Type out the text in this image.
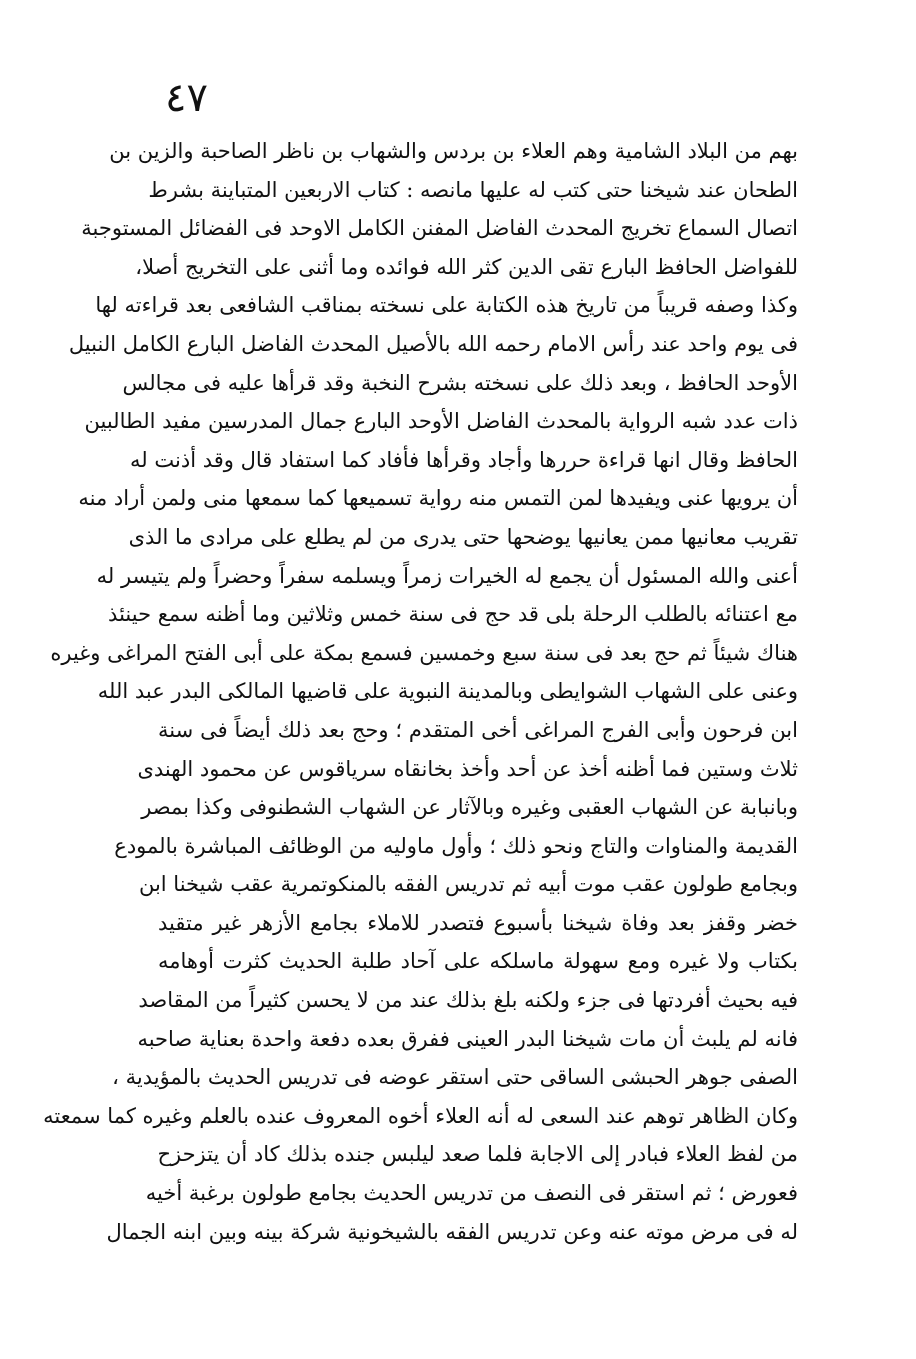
٤٧
بهم من البلاد الشامية وهم العلاء بن بردس والشهاب بن ناظر الصاحبة والزين بن
الطحان عند شيخنا حتى كتب له عليها مانصه : كتاب الاربعين المتباينة بشرط
اتصال السماع تخريج المحدث الفاضل المفنن الكامل الاوحد فى الفضائل المستوجبة
للفواضل الحافظ البارع تقى الدين كثر الله فوائده وما أثنى على التخريج أصلا،
وكذا وصفه قريباً من تاريخ هذه الكتابة على نسخته بمناقب الشافعى بعد قراءته لها
فى يوم واحد عند رأس الامام رحمه الله بالأصيل المحدث الفاضل البارع الكامل النبيل
الأوحد الحافظ ، وبعد ذلك على نسخته بشرح النخبة وقد قرأها عليه فى مجالس
ذات عدد شبه الرواية بالمحدث الفاضل الأوحد البارع جمال المدرسين مفيد الطالبين
الحافظ وقال انها قراءة حررها وأجاد وقرأها فأفاد كما استفاد قال وقد أذنت له
أن يرويها عنى ويفيدها لمن التمس منه رواية تسميعها كما سمعها منى ولمن أراد منه
تقريب معانيها ممن يعانيها يوضحها حتى يدرى من لم يطلع على مرادى ما الذى
أعنى والله المسئول أن يجمع له الخيرات زمراً ويسلمه سفراً وحضراً ولم يتيسر له
مع اعتنائه بالطلب الرحلة بلى قد حج فى سنة خمس وثلاثين وما أظنه سمع حينئذ
هناك شيئاً ثم حج بعد فى سنة سبع وخمسين فسمع بمكة على أبى الفتح المراغى وغيره
وعنى على الشهاب الشوايطى وبالمدينة النبوية على قاضيها المالكى البدر عبد الله
ابن فرحون وأبى الفرج المراغى أخى المتقدم ؛ وحج بعد ذلك أيضاً فى سنة
ثلاث وستين فما أظنه أخذ عن أحد وأخذ بخانقاه سرياقوس عن محمود الهندى
وبانبابة عن الشهاب العقبى وغيره وبالآثار عن الشهاب الشطنوفى وكذا بمصر
القديمة والمناوات والتاج ونحو ذلك ؛ وأول ماوليه من الوظائف المباشرة بالمودع
وبجامع طولون عقب موت أبيه ثم تدريس الفقه بالمنكوتمرية عقب شيخنا ابن
خضر وقفز بعد وفاة شيخنا بأسبوع فتصدر للاملاء بجامع الأزهر غير متقيد
بكتاب ولا غيره ومع سهولة ماسلكه على آحاد طلبة الحديث كثرت أوهامه
فيه بحيث أفردتها فى جزء ولكنه بلغ بذلك عند من لا يحسن كثيراً من المقاصد
فانه لم يلبث أن مات شيخنا البدر العينى ففرق بعده دفعة واحدة بعناية صاحبه
الصفى جوهر الحبشى الساقى حتى استقر عوضه فى تدريس الحديث بالمؤيدية ،
وكان الظاهر توهم عند السعى له أنه العلاء أخوه المعروف عنده بالعلم وغيره كما سمعته
من لفظ العلاء فبادر إلى الاجابة فلما صعد ليلبس جنده بذلك كاد أن يتزحزح
فعورض ؛ ثم استقر فى النصف من تدريس الحديث بجامع طولون برغبة أخيه
له فى مرض موته عنه وعن تدريس الفقه بالشيخونية شركة بينه وبين ابنه الجمال
